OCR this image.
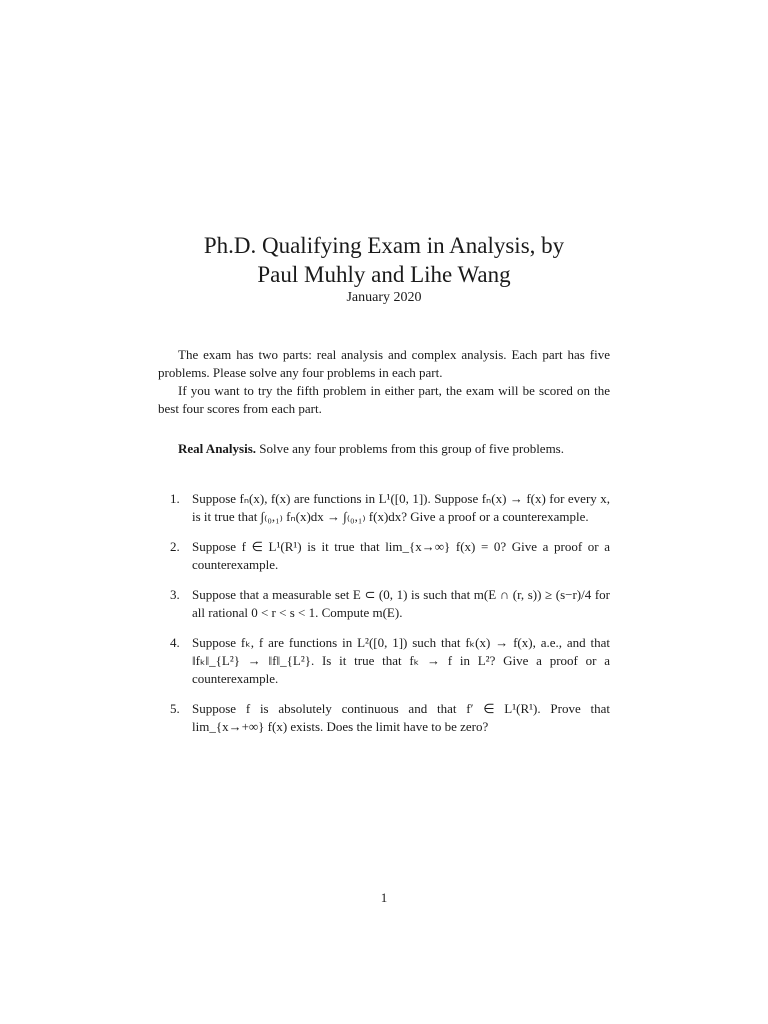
Ph.D. Qualifying Exam in Analysis, by
Paul Muhly and Lihe Wang
January 2020

The exam has two parts: real analysis and complex analysis. Each part has five problems. Please solve any four problems in each part.

If you want to try the fifth problem in either part, the exam will be scored on the best four scores from each part.

Real Analysis. Solve any four problems from this group of five problems.

1. Suppose fₙ(x), f(x) are functions in L¹([0, 1]). Suppose fₙ(x) → f(x) for every x, is it true that ∫₍₀,₁₎ fₙ(x)dx → ∫₍₀,₁₎ f(x)dx? Give a proof or a counterexample.
2. Suppose f ∈ L¹(R¹) is it true that lim_{x→∞} f(x) = 0? Give a proof or a counterexample.
3. Suppose that a measurable set E ⊂ (0, 1) is such that m(E ∩ (r, s)) ≥ (s−r)/4 for all rational 0 < r < s < 1. Compute m(E).
4. Suppose fₖ, f are functions in L²([0, 1]) such that fₖ(x) → f(x), a.e., and that ‖fₖ‖_{L²} → ‖f‖_{L²}. Is it true that fₖ → f in L²? Give a proof or a counterexample.
5. Suppose f is absolutely continuous and that f′ ∈ L¹(R¹). Prove that lim_{x→+∞} f(x) exists. Does the limit have to be zero?
1
